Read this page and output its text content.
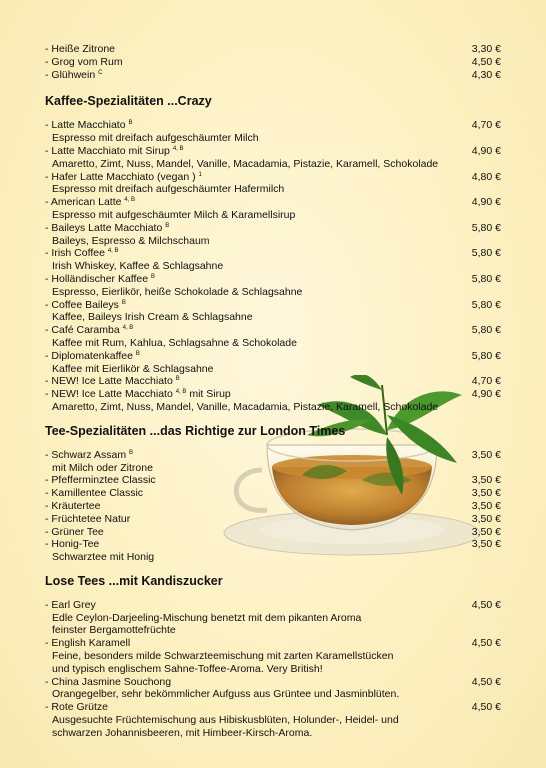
- Heiße Zitrone	3,30 €
- Grog vom Rum	4,50 €
- Glühwein $^C$	4,30 €
Kaffee-Spezialitäten ...Crazy
- Latte Macchiato $^B$	4,70 €
Espresso mit dreifach aufgeschäumter Milch
- Latte Macchiato mit Sirup $^{4, B}$	4,90 €
Amaretto, Zimt, Nuss, Mandel, Vanille, Macadamia, Pistazie, Karamell, Schokolade
- Hafer Latte Macchiato (vegan ) $^1$	4,80 €
Espresso mit dreifach aufgeschäumter Hafermilch
- American Latte $^{4, B}$	4,90 €
Espresso mit aufgeschäumter Milch & Karamellsirup
- Baileys Latte Macchiato $^B$	5,80 €
Baileys, Espresso & Milchschaum
- Irish Coffee $^{4, B}$	5,80 €
Irish Whiskey, Kaffee & Schlagsahne
- Holländischer Kaffee $^B$	5,80 €
Espresso, Eierlikör, heiße Schokolade & Schlagsahne
- Coffee Baileys $^B$	5,80 €
Kaffee, Baileys Irish Cream & Schlagsahne
- Café Caramba $^{4, B}$	5,80 €
Kaffee mit Rum, Kahlua, Schlagsahne & Schokolade
- Diplomatenkaffee $^B$	5,80 €
Kaffee mit Eierlikör & Schlagsahne
- NEW! Ice Latte Macchiato $^B$	4,70 €
- NEW! Ice Latte Macchiato $^{4, B}$ mit Sirup	4,90 €
Amaretto, Zimt, Nuss, Mandel, Vanille, Macadamia, Pistazie, Karamell, Schokolade
Tee-Spezialitäten ...das Richtige zur London Times
- Schwarz Assam $^B$	3,50 €
mit Milch oder Zitrone
- Pfefferminztee Classic	3,50 €
- Kamillentee Classic	3,50 €
- Kräutertee	3,50 €
- Früchtetee Natur	3,50 €
- Grüner Tee	3,50 €
- Honig-Tee	3,50 €
Schwarztee mit Honig
Lose Tees ...mit Kandiszucker
- Earl Grey	4,50 €
Edle Ceylon-Darjeeling-Mischung benetzt mit dem pikanten Aroma
feinster Bergamottefrüchte
- English Karamell	4,50 €
Feine, besonders milde Schwarzteemischung mit zarten Karamellstücken
und typisch englischem Sahne-Toffee-Aroma. Very British!
- China Jasmine Souchong	4,50 €
Orangegelber, sehr bekömmlicher Aufguss aus Grüntee und Jasminblüten.
- Rote Grütze	4,50 €
Ausgesuchte Früchtemischung aus Hibiskusblüten, Holunder-, Heidel- und
schwarzen Johannisbeeren, mit Himbeer-Kirsch-Aroma.
